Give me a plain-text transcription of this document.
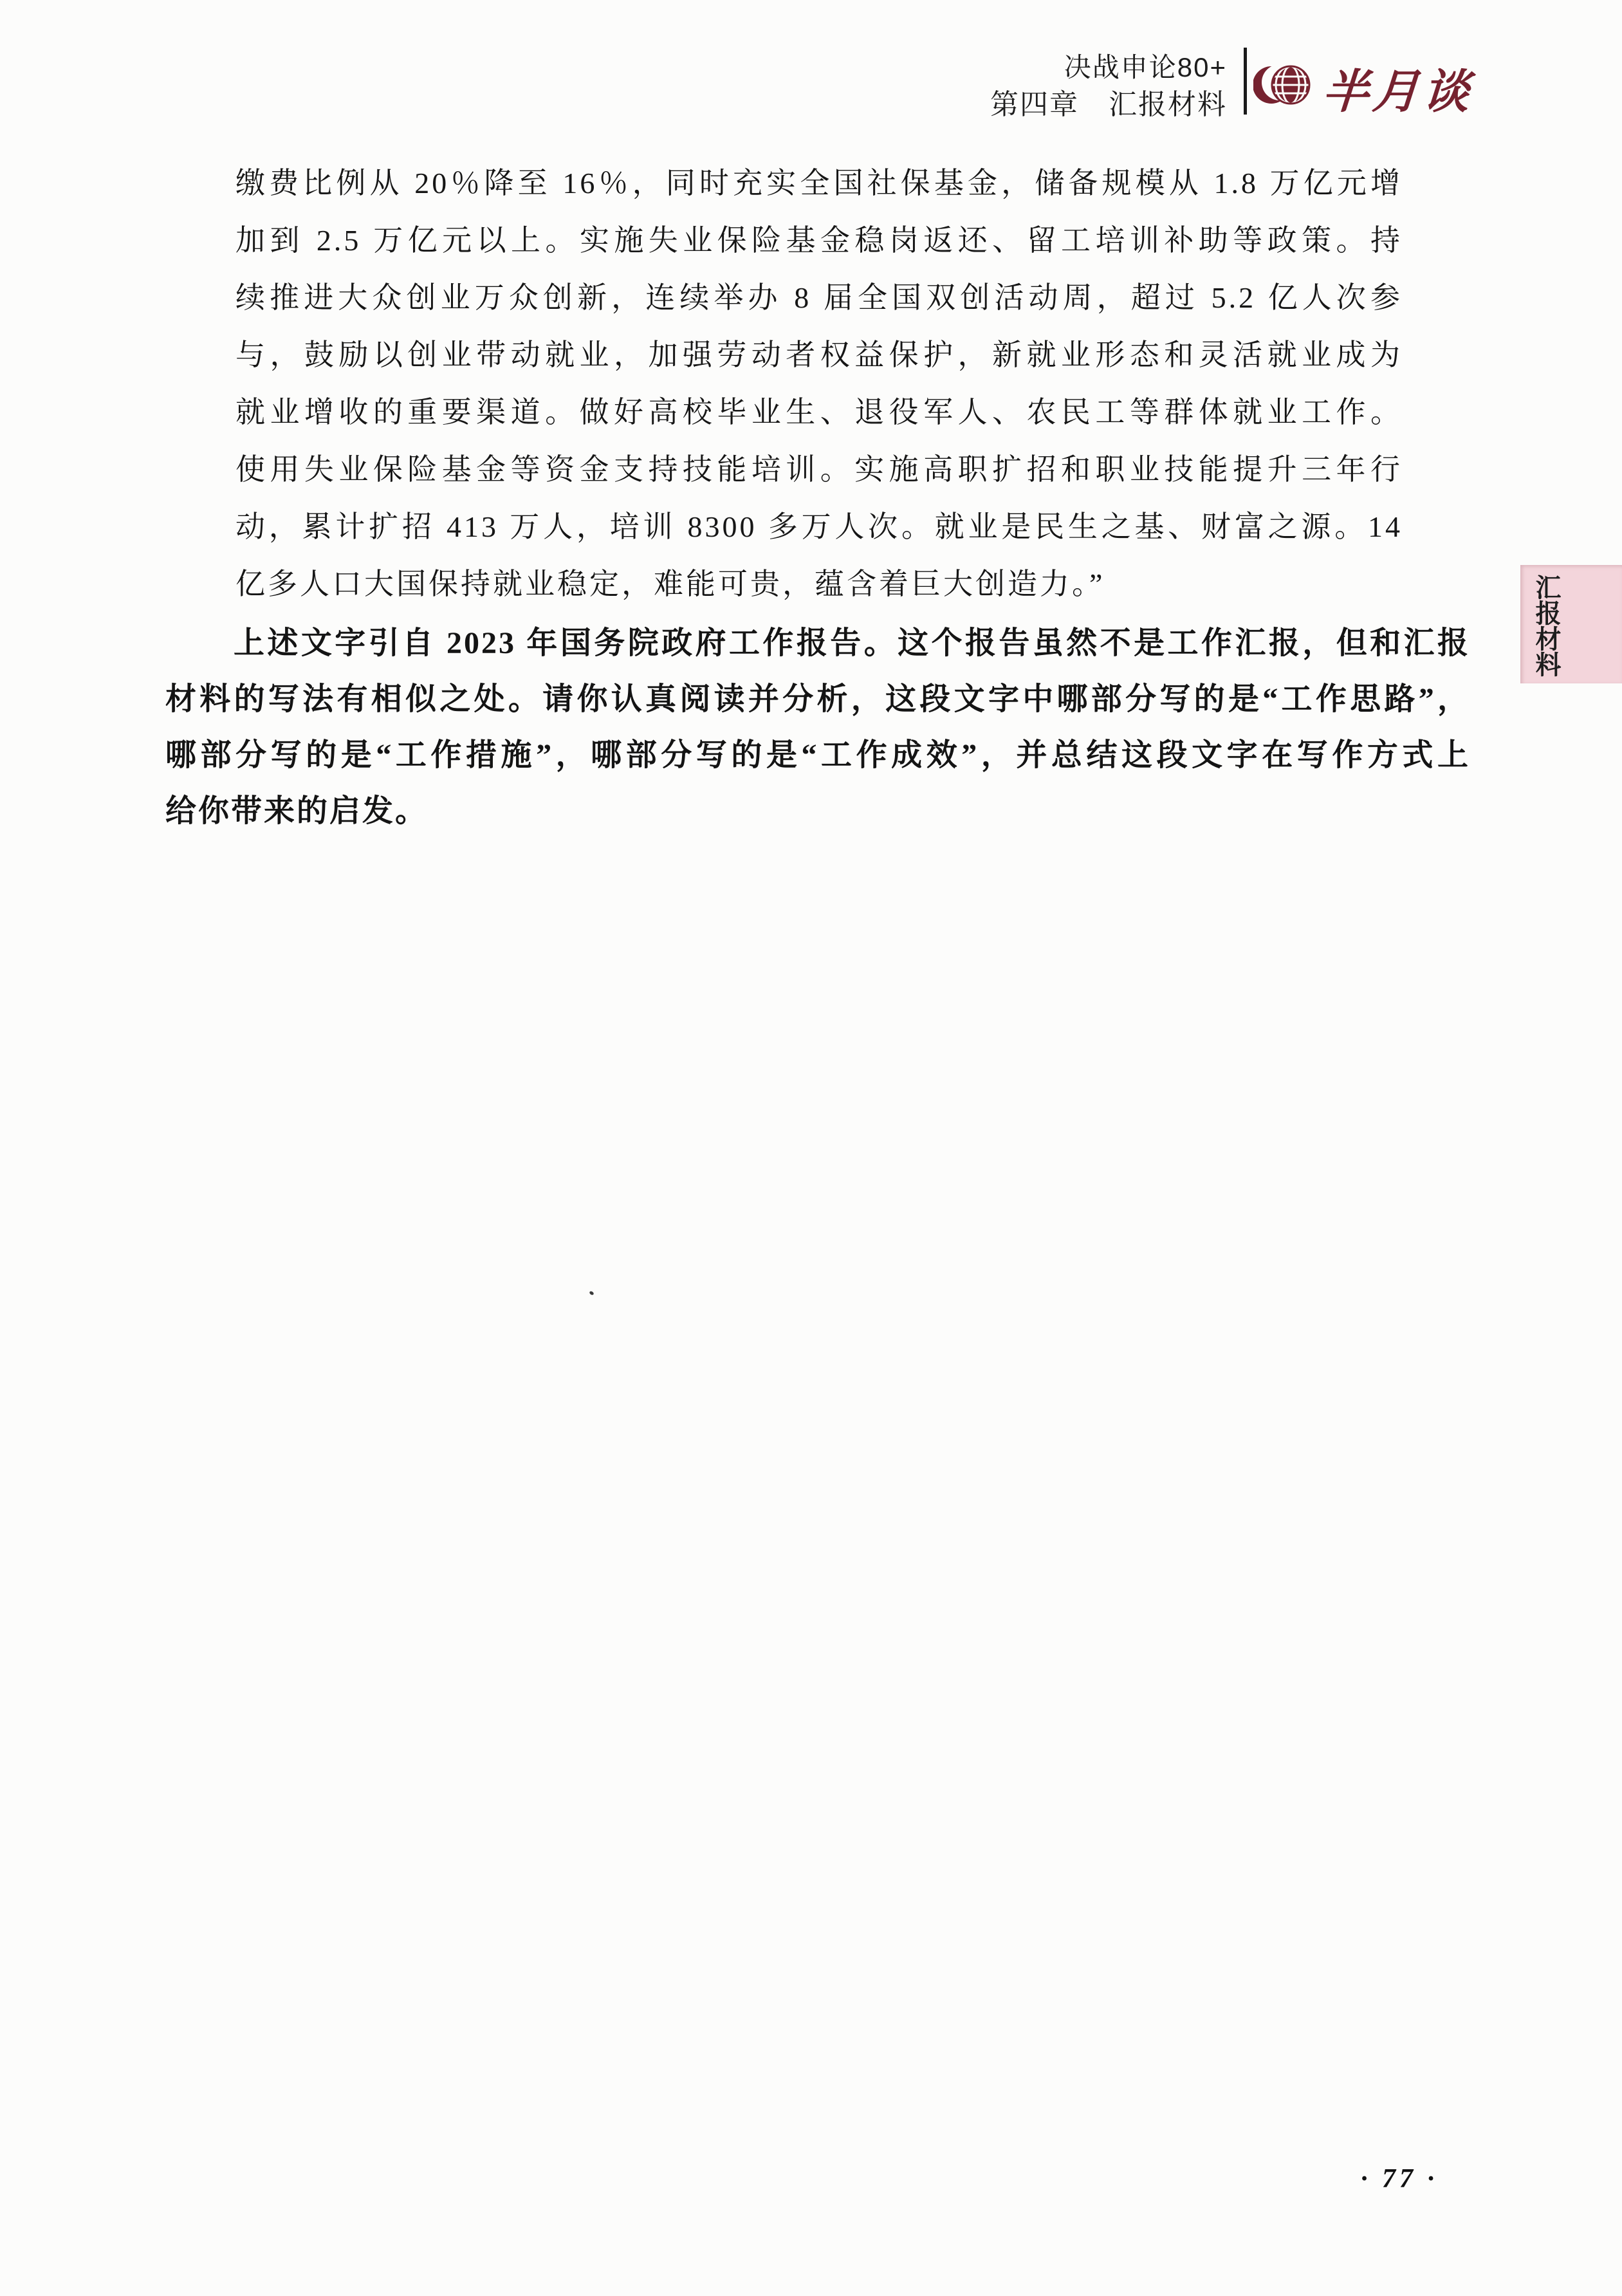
决战申论80+
第四章　汇报材料 半月谈
缴费比例从 20％降至 16％，同时充实全国社保基金，储备规模从 1.8 万亿元增
加到 2.5 万亿元以上。实施失业保险基金稳岗返还、留工培训补助等政策。持
续推进大众创业万众创新，连续举办 8 届全国双创活动周，超过 5.2 亿人次参
与，鼓励以创业带动就业，加强劳动者权益保护，新就业形态和灵活就业成为
就业增收的重要渠道。做好高校毕业生、退役军人、农民工等群体就业工作。
使用失业保险基金等资金支持技能培训。实施高职扩招和职业技能提升三年行
动，累计扩招 413 万人，培训 8300 多万人次。就业是民生之基、财富之源。14
亿多人口大国保持就业稳定，难能可贵，蕴含着巨大创造力。”
上述文字引自 2023 年国务院政府工作报告。这个报告虽然不是工作汇报，但和汇报
材料的写法有相似之处。请你认真阅读并分析，这段文字中哪部分写的是“工作思路”，
哪部分写的是“工作措施”，哪部分写的是“工作成效”，并总结这段文字在写作方式上
给你带来的启发。
汇报材料
· 77 ·
